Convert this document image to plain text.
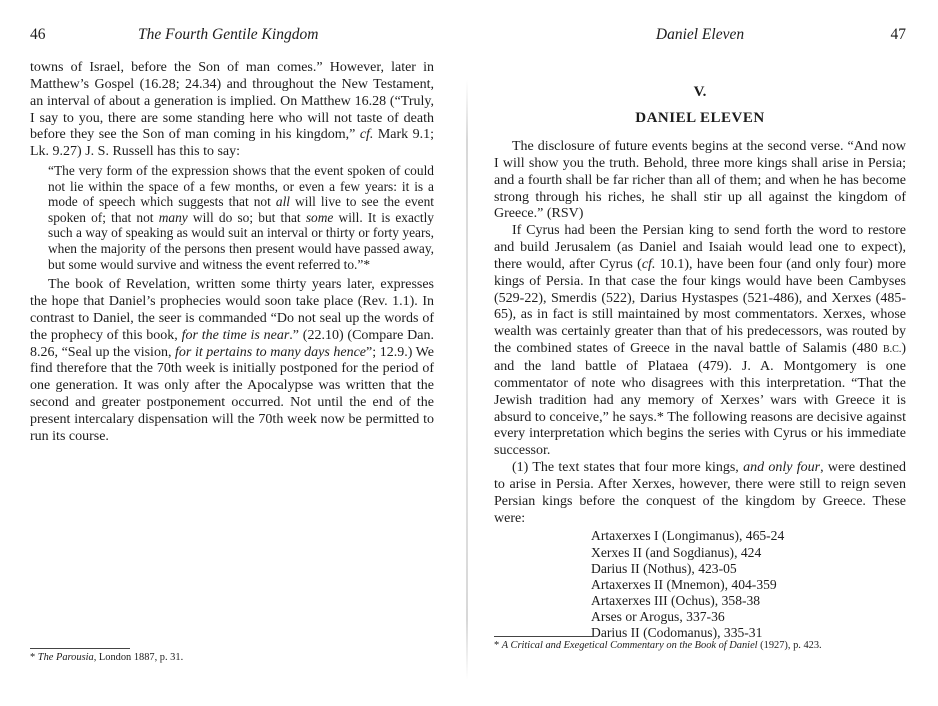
46	The Fourth Gentile Kingdom

towns of Israel, before the Son of man comes.” However, later in Matthew’s Gospel (16.28; 24.34) and throughout the New Testament, an interval of about a generation is implied. On Matthew 16.28 (“Truly, I say to you, there are some standing here who will not taste of death before they see the Son of man coming in his kingdom,” cf. Mark 9.1; Lk. 9.27) J. S. Russell has this to say:

“The very form of the expression shows that the event spoken of could not lie within the space of a few months, or even a few years: it is a mode of speech which suggests that not all will live to see the event spoken of; that not many will do so; but that some will. It is exactly such a way of speaking as would suit an interval or thirty or forty years, when the majority of the persons then present would have passed away, but some would survive and witness the event referred to.”*

The book of Revelation, written some thirty years later, expresses the hope that Daniel’s prophecies would soon take place (Rev. 1.1). In contrast to Daniel, the seer is commanded “Do not seal up the words of the prophecy of this book, for the time is near.” (22.10) (Compare Dan. 8.26, “Seal up the vision, for it pertains to many days hence”; 12.9.) We find therefore that the 70th week is initially postponed for the period of one generation. It was only after the Apocalypse was written that the second and greater postponement occurred. Not until the end of the present intercalary dispensation will the 70th week now be permitted to run its course.

* The Parousia, London 1887, p. 31.
Daniel Eleven	47

V.

DANIEL ELEVEN

The disclosure of future events begins at the second verse. “And now I will show you the truth. Behold, three more kings shall arise in Persia; and a fourth shall be far richer than all of them; and when he has become strong through his riches, he shall stir up all against the kingdom of Greece.” (RSV)

If Cyrus had been the Persian king to send forth the word to restore and build Jerusalem (as Daniel and Isaiah would lead one to expect), there would, after Cyrus (cf. 10.1), have been four (and only four) more kings of Persia. In that case the four kings would have been Cambyses (529-22), Smerdis (522), Darius Hystaspes (521-486), and Xerxes (485-65), as in fact is still maintained by most commentators. Xerxes, whose wealth was certainly greater than that of his predecessors, was routed by the combined states of Greece in the naval battle of Salamis (480 B.C.) and the land battle of Plataea (479). J. A. Montgomery is one commentator of note who disagrees with this interpretation. “That the Jewish tradition had any memory of Xerxes’ wars with Greece it is absurd to conceive,” he says.* The following reasons are decisive against every interpretation which begins the series with Cyrus or his immediate successor.

(1) The text states that four more kings, and only four, were destined to arise in Persia. After Xerxes, however, there were still to reign seven Persian kings before the conquest of the kingdom by Greece. These were:

Artaxerxes I (Longimanus), 465-24
Xerxes II (and Sogdianus), 424
Darius II (Nothus), 423-05
Artaxerxes II (Mnemon), 404-359
Artaxerxes III (Ochus), 358-38
Arses or Arogus, 337-36
Darius II (Codomanus), 335-31
* A Critical and Exegetical Commentary on the Book of Daniel (1927), p. 423.
